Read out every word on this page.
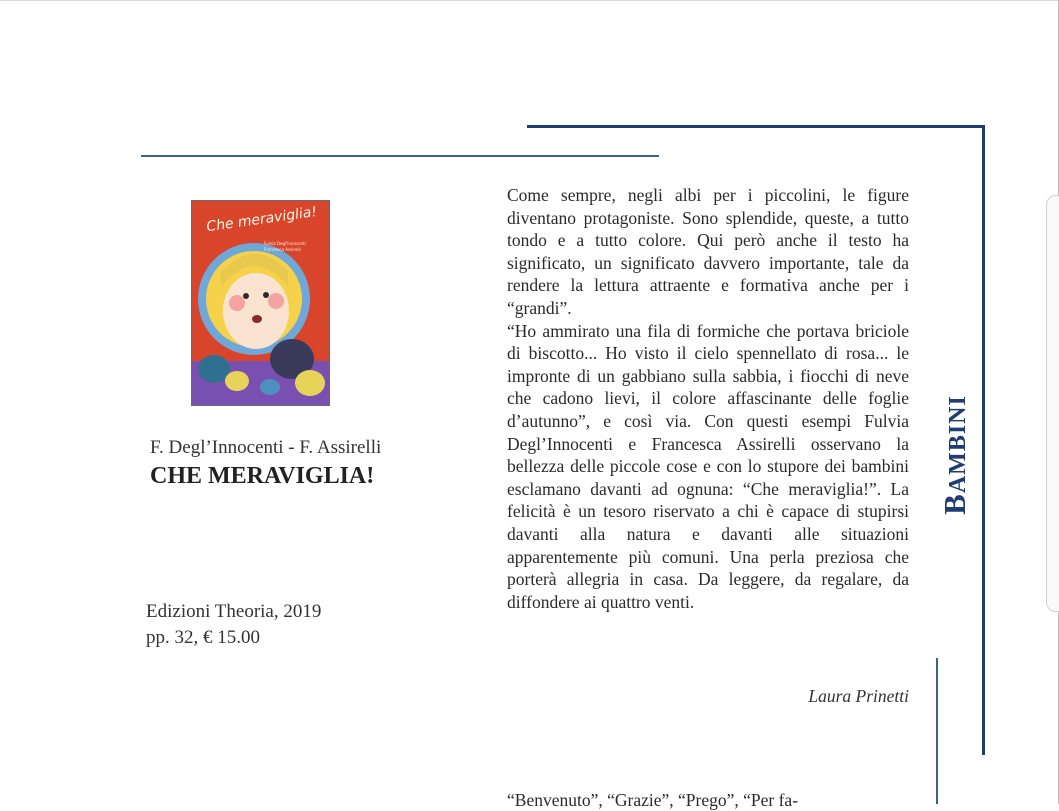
Che meraviglia!
Fulvia Degl'Innocenti Francesca Assirelli
F. Degl’Innocenti - F. Assirelli
CHE MERAVIGLIA!
Edizioni Theoria, 2019
pp. 32, € 15.00

Come sempre, negli albi per i piccolini, le figure diventano protagoniste. Sono splendide, queste, a tutto tondo e a tutto colore. Qui però anche il testo ha significato, un significato davvero importante, tale da rendere la lettura attraente e formativa anche per i “grandi”.

“Ho ammirato una fila di formiche che portava briciole di biscotto... Ho visto il cielo spennellato di rosa... le impronte di un gabbiano sulla sabbia, i fiocchi di neve che cadono lievi, il colore affascinante delle foglie d’autunno”, e così via. Con questi esempi Fulvia Degl’Innocenti e Francesca Assirelli osservano la bellezza delle piccole cose e con lo stupore dei bambini esclamano davanti ad ognuna: “Che meraviglia!”. La felicità è un tesoro riservato a chi è capace di stupirsi davanti alla natura e davanti alle situazioni apparentemente più comuni. Una perla preziosa che porterà allegria in casa. Da leggere, da regalare, da diffondere ai quattro venti.

Laura Prinetti
“Benvenuto”, “Grazie”, “Prego”, “Per fa-
BAMBINI
